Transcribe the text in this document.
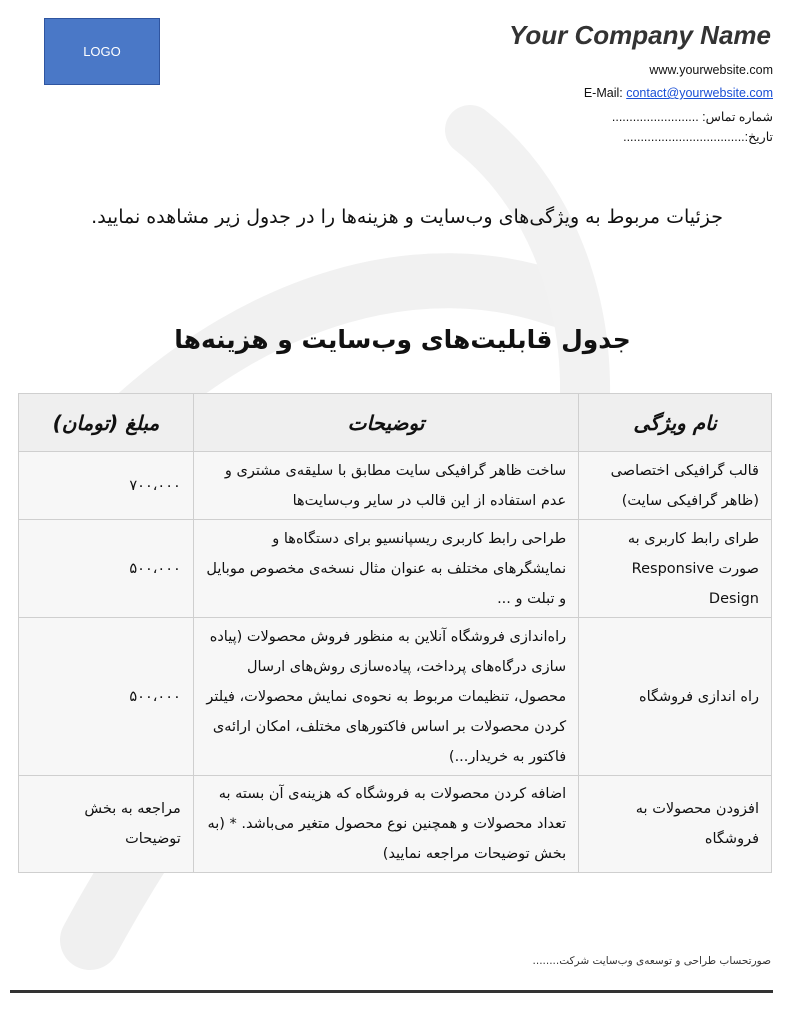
LOGO
Your Company Name
www.yourwebsite.com
E-Mail: contact@yourwebsite.com
شماره تماس: .........................
تاریخ:...................................
جزئیات مربوط به ویژگی‌های وب‌سایت و هزینه‌ها را در جدول زیر مشاهده نمایید.
جدول قابلیت‌های وب‌سایت و هزینه‌ها
نام ویژگی	توضیحات	مبلغ (تومان)
قالب گرافیکی اختصاصی (ظاهر گرافیکی سایت)	ساخت ظاهر گرافیکی سایت مطابق با سلیقه‌ی مشتری و عدم استفاده از این قالب در سایر وب‌سایت‌ها	۷۰۰،۰۰۰
طرای رابط کاربری به صورت Responsive Design	طراحی رابط کاربری ریسپانسیو برای دستگاه‌ها و نمایشگرهای مختلف به عنوان مثال نسخه‌ی مخصوص موبایل و تبلت و ...	۵۰۰،۰۰۰
راه اندازی فروشگاه	راه‌اندازی فروشگاه آنلاین به منظور فروش محصولات (پیاده سازی درگاه‌های پرداخت، پیاده‌سازی روش‌های ارسال محصول، تنظیمات مربوط به نحوه‌ی نمایش محصولات، فیلتر کردن محصولات بر اساس فاکتورهای مختلف، امکان ارائه‌ی فاکتور به خریدار...)	۵۰۰،۰۰۰
افزودن محصولات به فروشگاه	اضافه کردن محصولات به فروشگاه که هزینه‌ی آن بسته به تعداد محصولات و همچنین نوع محصول متغیر می‌باشد. * (به بخش توضیحات مراجعه نمایید)	مراجعه به بخش توضیحات
صورتحساب طراحی و توسعه‌ی وب‌سایت شرکت........
